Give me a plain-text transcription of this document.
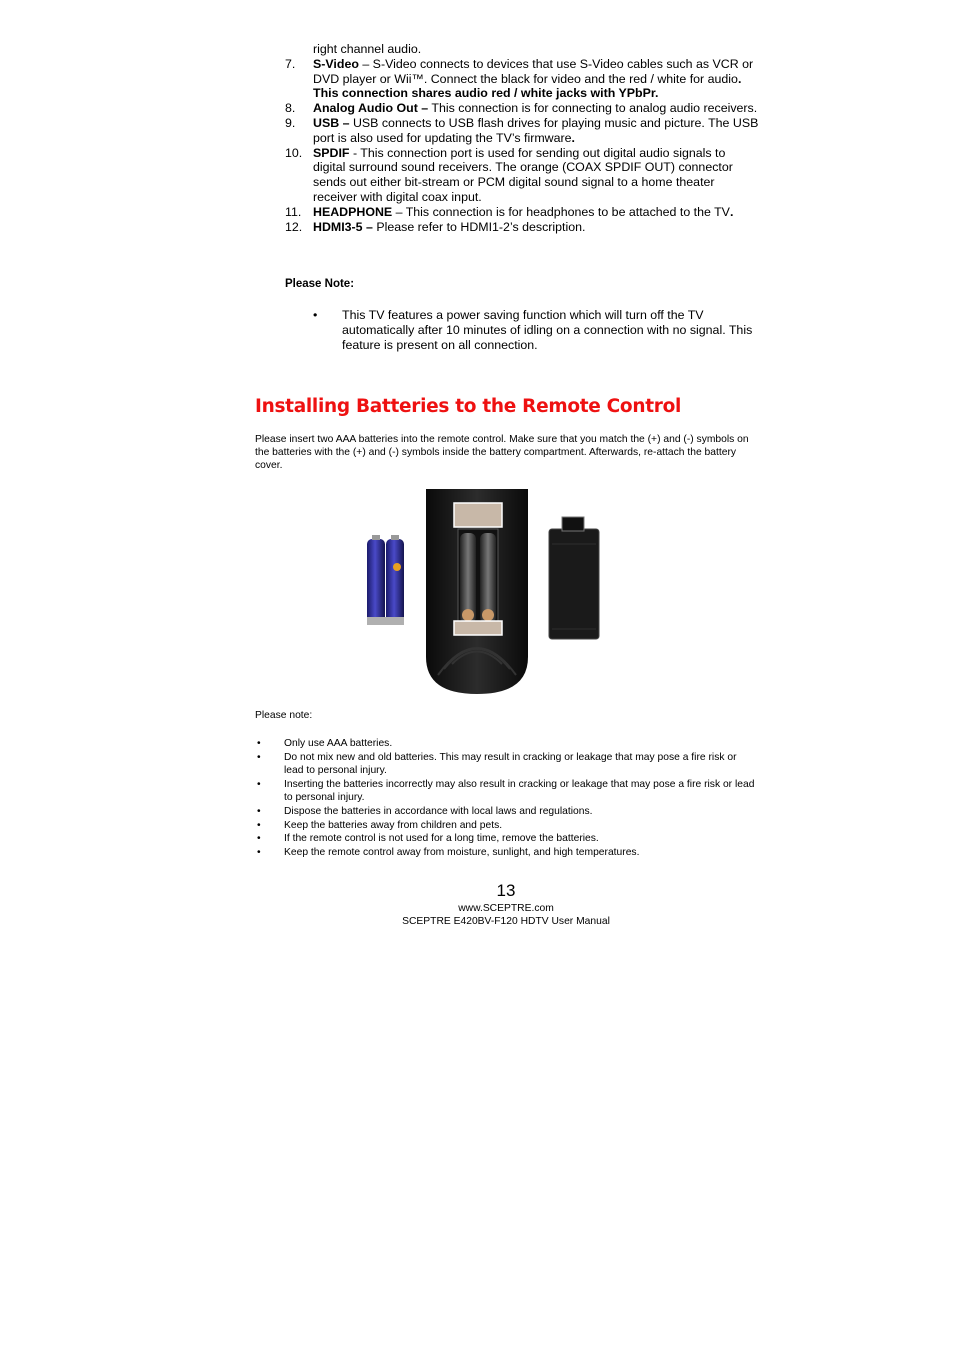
right channel audio.

7. S-Video – S-Video connects to devices that use S-Video cables such as VCR or DVD player or Wii™. Connect the black for video and the red / white for audio. This connection shares audio red / white jacks with YPbPr.

8. Analog Audio Out – This connection is for connecting to analog audio receivers.

9. USB – USB connects to USB flash drives for playing music and picture. The USB port is also used for updating the TV’s firmware.

10. SPDIF - This connection port is used for sending out digital audio signals to digital surround sound receivers. The orange (COAX SPDIF OUT) connector sends out either bit-stream or PCM digital sound signal to a home theater receiver with digital coax input.

11. HEADPHONE – This connection is for headphones to be attached to the TV.

12. HDMI3-5 – Please refer to HDMI1-2’s description.

Please Note:
• This TV features a power saving function which will turn off the TV automatically after 10 minutes of idling on a connection with no signal. This feature is present on all connection.
Installing Batteries to the Remote Control
Please insert two AAA batteries into the remote control. Make sure that you match the (+) and (-) symbols on the batteries with the (+) and (-) symbols inside the battery compartment. Afterwards, re-attach the battery cover.
Please note:
• Only use AAA batteries.
• Do not mix new and old batteries. This may result in cracking or leakage that may pose a fire risk or lead to personal injury.
• Inserting the batteries incorrectly may also result in cracking or leakage that may pose a fire risk or lead to personal injury.
• Dispose the batteries in accordance with local laws and regulations.
• Keep the batteries away from children and pets.
• If the remote control is not used for a long time, remove the batteries.
• Keep the remote control away from moisture, sunlight, and high temperatures.
13
www.SCEPTRE.com
SCEPTRE E420BV-F120 HDTV User Manual
